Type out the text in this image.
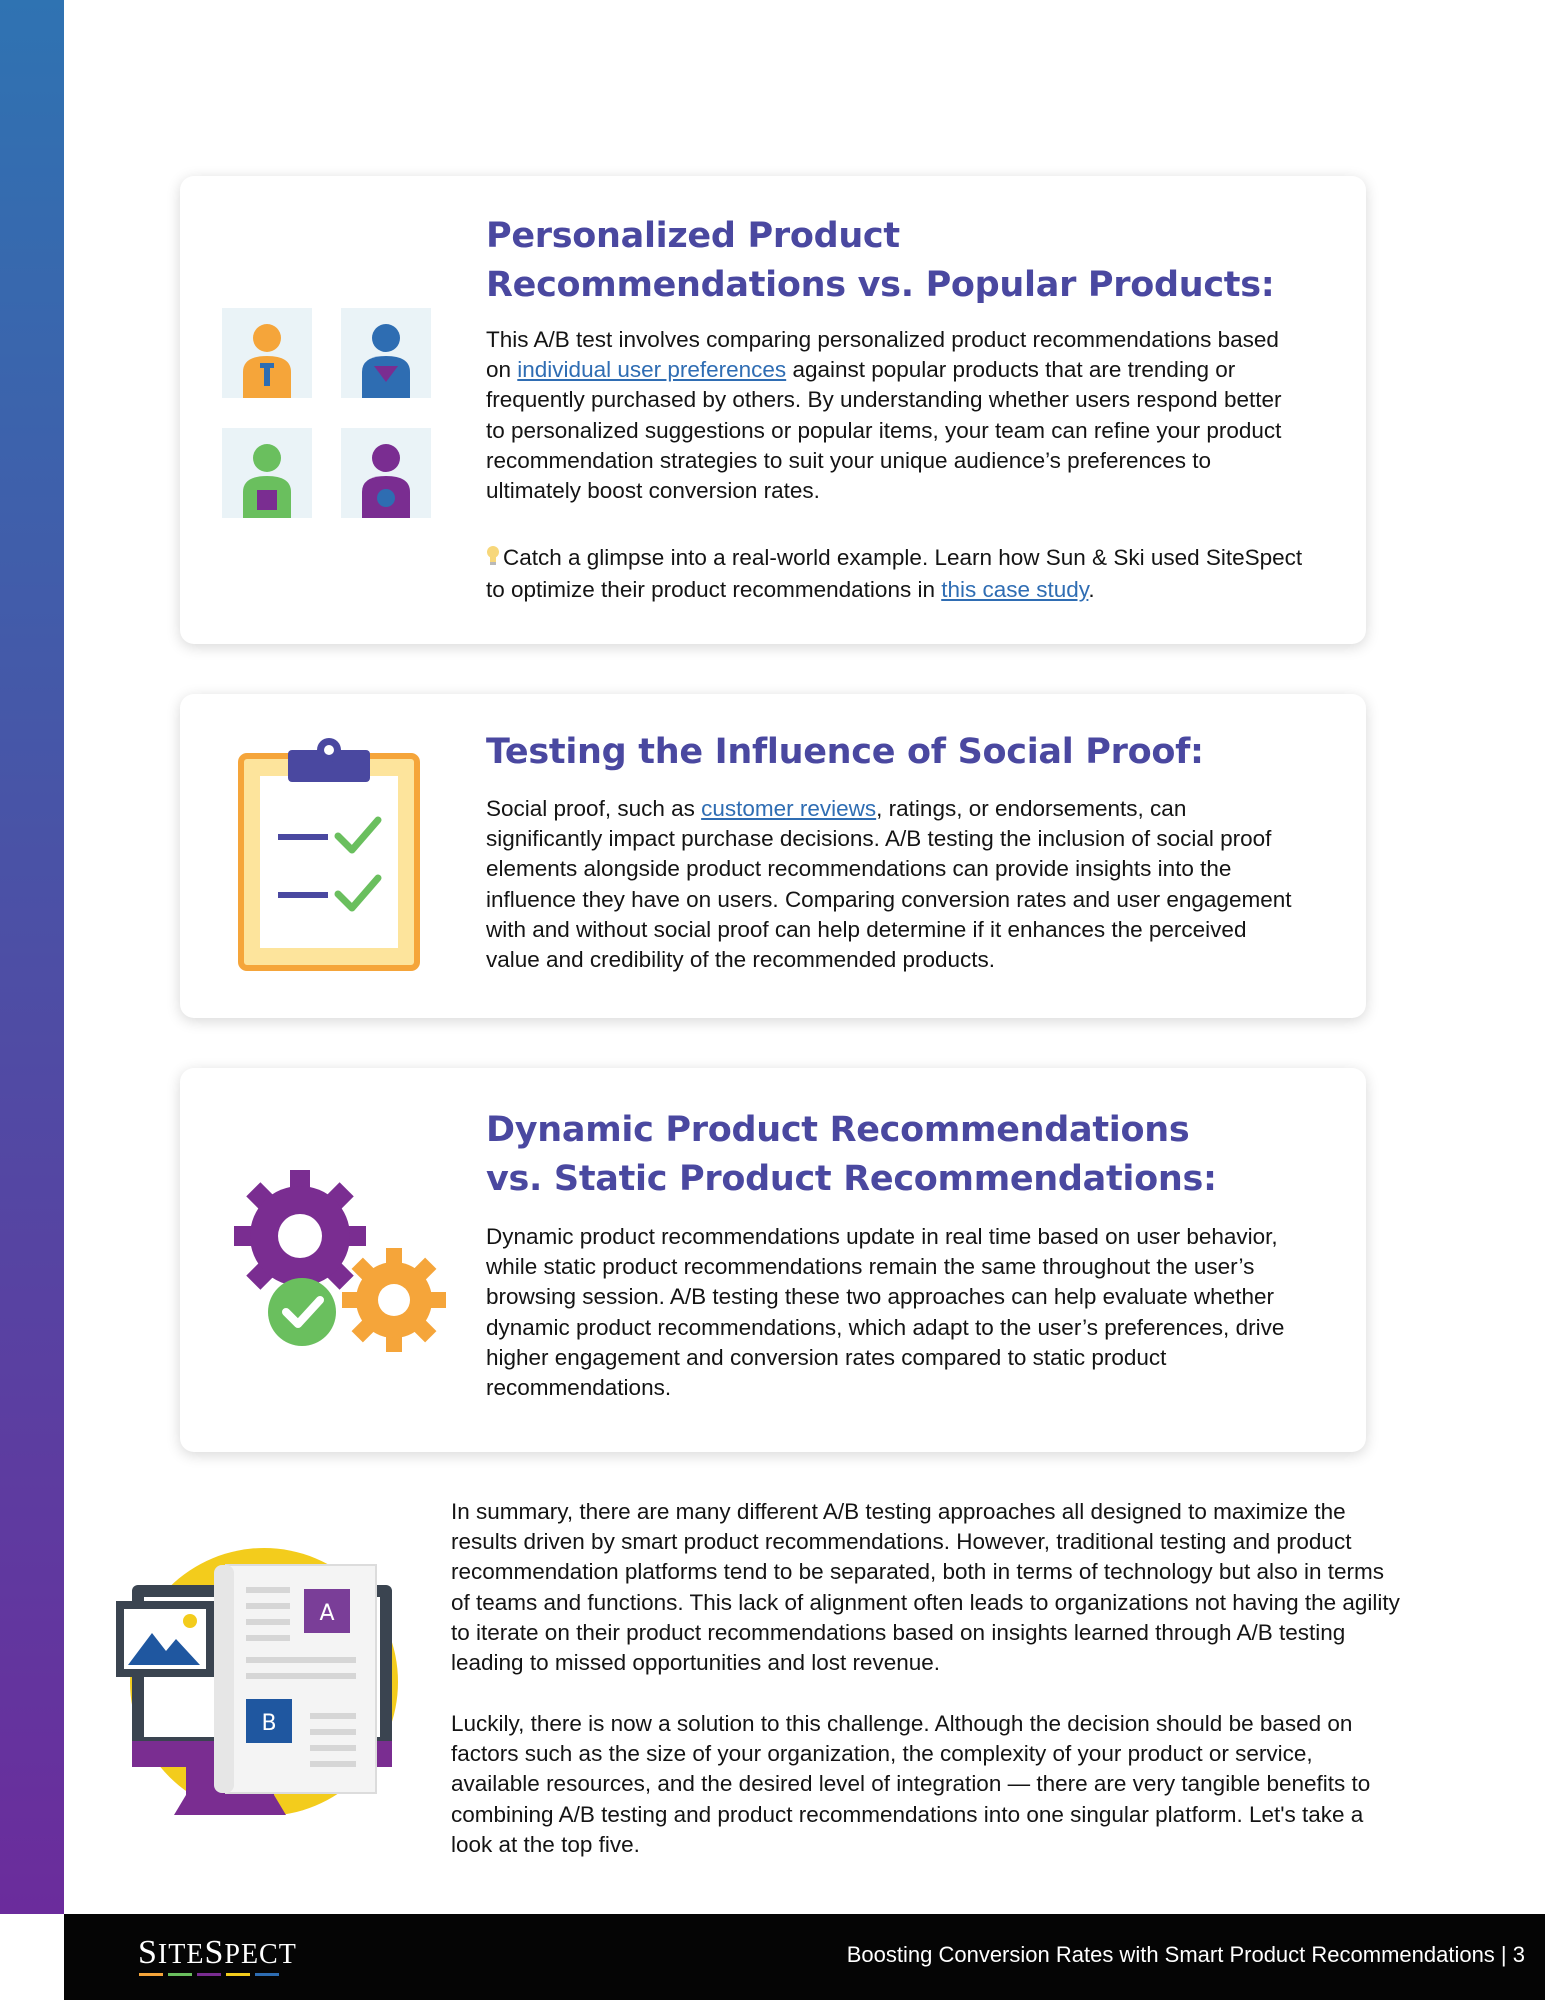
Personalized Product
Recommendations vs. Popular Products:

This A/B test involves comparing personalized product recommendations based on individual user preferences against popular products that are trending or frequently purchased by others. By understanding whether users respond better to personalized suggestions or popular items, your team can refine your product recommendation strategies to suit your unique audience’s preferences to ultimately boost conversion rates.

Catch a glimpse into a real-world example. Learn how Sun & Ski used SiteSpect to optimize their product recommendations in this case study.

Testing the Influence of Social Proof:

Social proof, such as customer reviews, ratings, or endorsements, can significantly impact purchase decisions. A/B testing the inclusion of social proof elements alongside product recommendations can provide insights into the influence they have on users. Comparing conversion rates and user engagement with and without social proof can help determine if it enhances the perceived value and credibility of the recommended products.

Dynamic Product Recommendations
vs. Static Product Recommendations:

Dynamic product recommendations update in real time based on user behavior, while static product recommendations remain the same throughout the user’s browsing session. A/B testing these two approaches can help evaluate whether dynamic product recommendations, which adapt to the user’s preferences, drive higher engagement and conversion rates compared to static product recommendations.

A
B

In summary, there are many different A/B testing approaches all designed to maximize the results driven by smart product recommendations. However, traditional testing and product recommendation platforms tend to be separated, both in terms of technology but also in terms of teams and functions. This lack of alignment often leads to organizations not having the agility to iterate on their product recommendations based on insights learned through A/B testing leading to missed opportunities and lost revenue.

Luckily, there is now a solution to this challenge. Although the decision should be based on factors such as the size of your organization, the complexity of your product or service, available resources, and the desired level of integration — there are very tangible benefits to combining A/B testing and product recommendations into one singular platform. Let's take a look at the top five.

SITESPECT	Boosting Conversion Rates with Smart Product Recommendations | 3
